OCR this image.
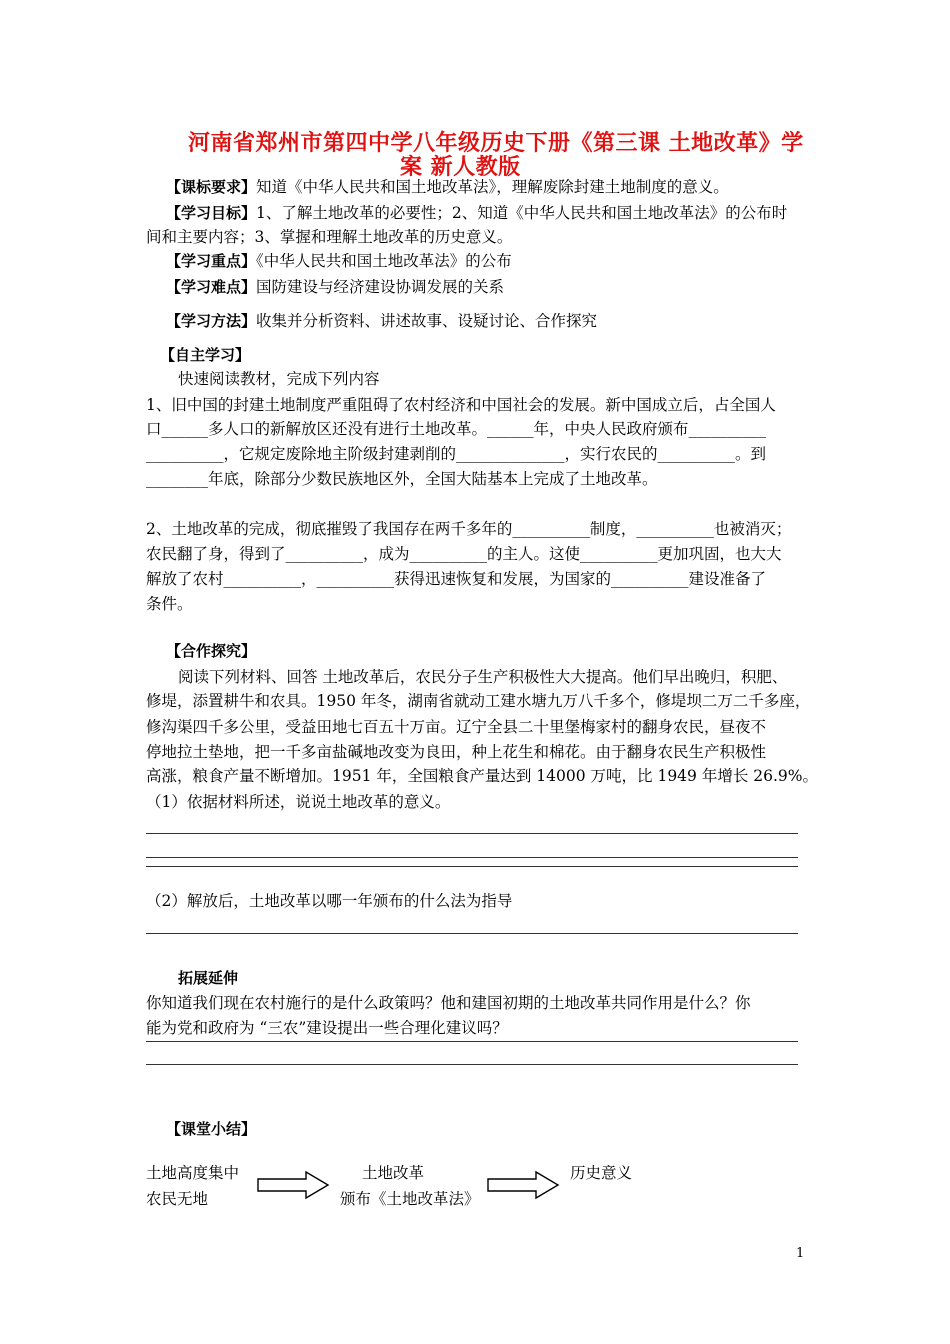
河南省郑州市第四中学八年级历史下册《第三课 土地改革》学
案 新人教版
【课标要求】知道《中华人民共和国土地改革法》，理解废除封建土地制度的意义。
【学习目标】1、了解土地改革的必要性；2、知道《中华人民共和国土地改革法》的公布时
间和主要内容；3、掌握和理解土地改革的历史意义。
【学习重点】《中华人民共和国土地改革法》的公布
【学习难点】国防建设与经济建设协调发展的关系
【学习方法】收集并分析资料、讲述故事、设疑讨论、合作探究
【自主学习】
快速阅读教材，完成下列内容
1、旧中国的封建土地制度严重阻碍了农村经济和中国社会的发展。新中国成立后，占全国人
口______多人口的新解放区还没有进行土地改革。______年，中央人民政府颁布__________
__________，它规定废除地主阶级封建剥削的______________，实行农民的__________。到
________年底，除部分少数民族地区外，全国大陆基本上完成了土地改革。
2、土地改革的完成，彻底摧毁了我国存在两千多年的__________制度，__________也被消灭；
农民翻了身，得到了__________，成为__________的主人。这使__________更加巩固，也大大
解放了农村__________，__________获得迅速恢复和发展，为国家的__________建设准备了
条件。
【合作探究】
阅读下列材料、回答 土地改革后，农民分子生产积极性大大提高。他们早出晚归，积肥、
修堤，添置耕牛和农具。1950 年冬，湖南省就动工建水塘九万八千多个，修堤坝二万二千多座，
修沟渠四千多公里，受益田地七百五十万亩。辽宁全县二十里堡梅家村的翻身农民，昼夜不
停地拉土垫地，把一千多亩盐碱地改变为良田，种上花生和棉花。由于翻身农民生产积极性
高涨，粮食产量不断增加。1951 年，全国粮食产量达到 14000 万吨，比 1949 年增长 26.9%。
（1）依据材料所述，说说土地改革的意义。
（2）解放后，土地改革以哪一年颁布的什么法为指导
拓展延伸
你知道我们现在农村施行的是什么政策吗？他和建国初期的土地改革共同作用是什么？你
能为党和政府为 “三农”建设提出一些合理化建议吗？
【课堂小结】
土地高度集中
农民无地
土地改革
颁布《土地改革法》
历史意义
1
